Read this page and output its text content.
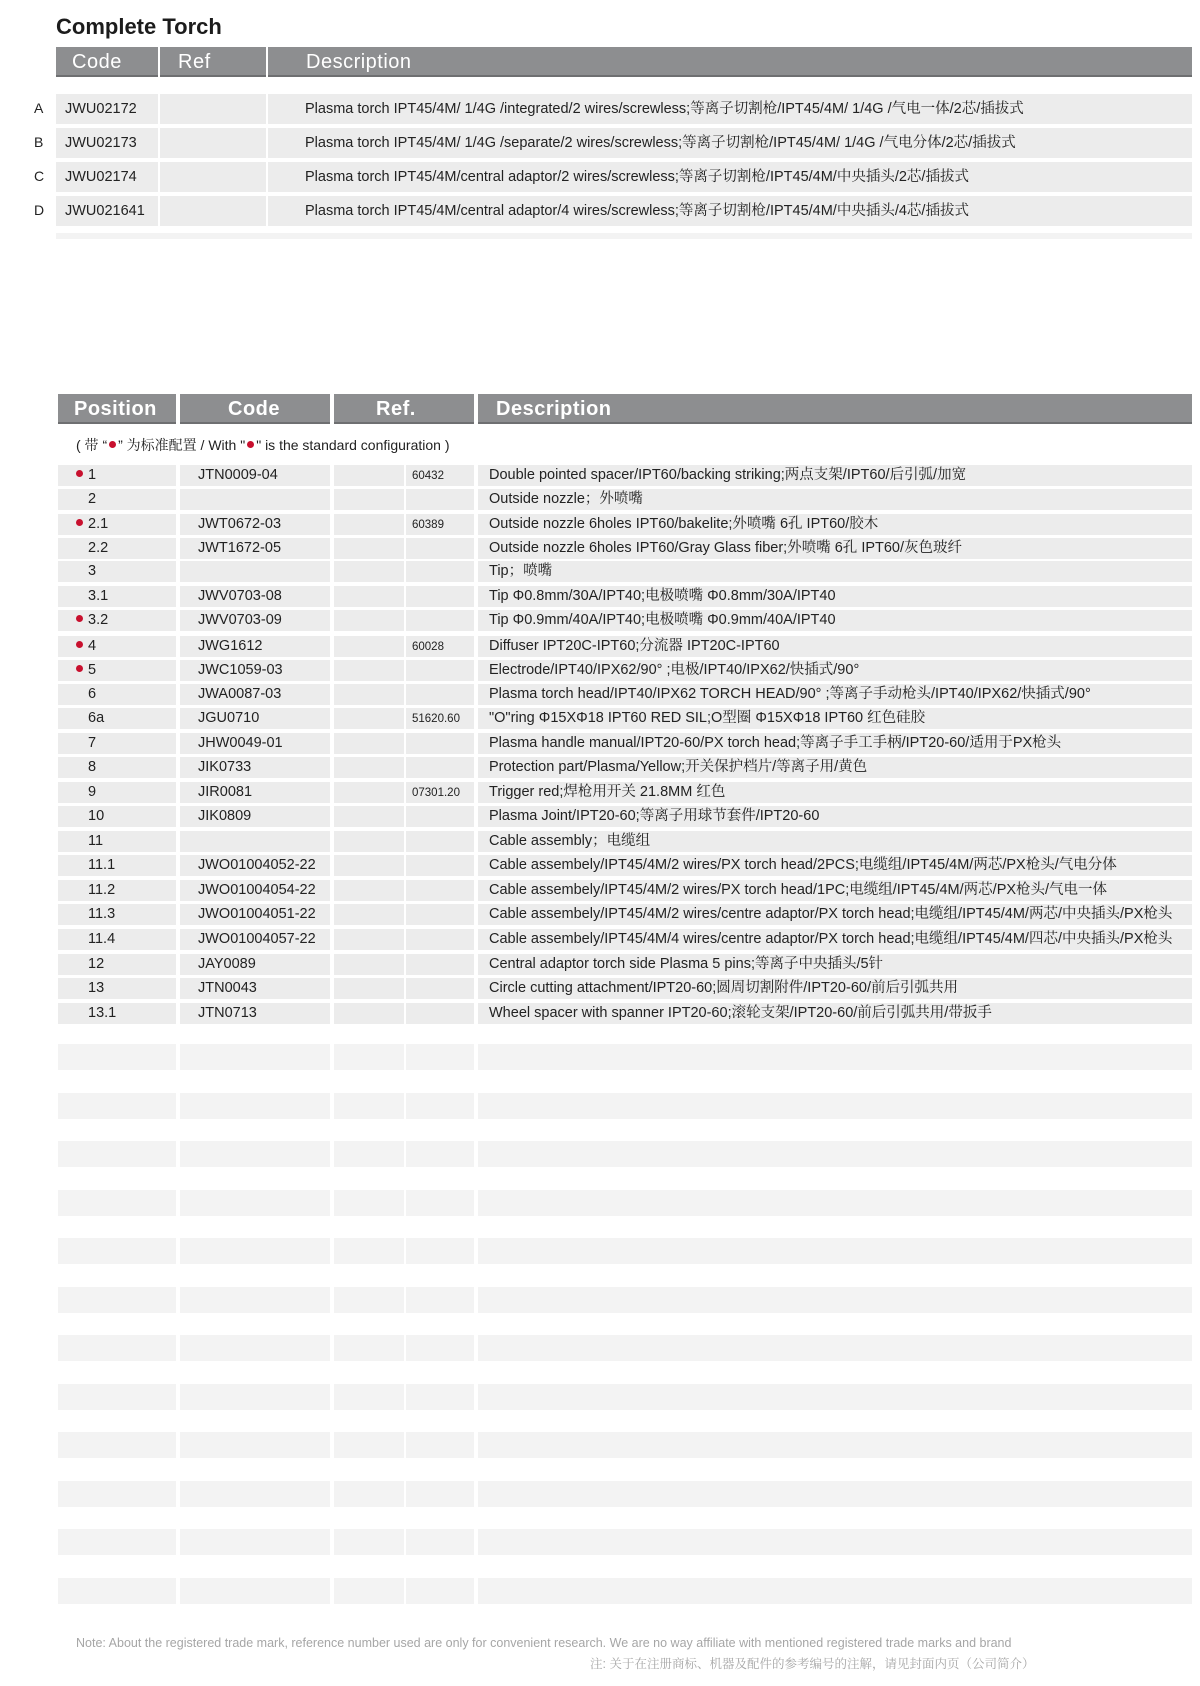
Complete Torch
Code	Ref	Description
A JWU02172	Plasma torch IPT45/4M/ 1/4G /integrated/2 wires/screwless;等离子切割枪/IPT45/4M/ 1/4G /气电一体/2芯/插拔式
B JWU02173	Plasma torch IPT45/4M/ 1/4G /separate/2 wires/screwless;等离子切割枪/IPT45/4M/ 1/4G /气电分体/2芯/插拔式
C JWU02174	Plasma torch IPT45/4M/central adaptor/2 wires/screwless;等离子切割枪/IPT45/4M/中央插头/2芯/插拔式
D JWU021641	Plasma torch IPT45/4M/central adaptor/4 wires/screwless;等离子切割枪/IPT45/4M/中央插头/4芯/插拔式
Position	Code	Ref.	Description
( 带 “ ” 为标准配置 / With " " is the standard configuration )
1	JTN0009-04	60432	Double pointed spacer/IPT60/backing striking;两点支架/IPT60/后引弧/加宽
2	Outside nozzle；外喷嘴
2.1	JWT0672-03	60389	Outside nozzle 6holes IPT60/bakelite;外喷嘴 6孔 IPT60/胶木
2.2	JWT1672-05	Outside nozzle 6holes IPT60/Gray Glass fiber;外喷嘴 6孔 IPT60/灰色玻纤
3	Tip；喷嘴
3.1	JWV0703-08	Tip Φ0.8mm/30A/IPT40;电极喷嘴 Φ0.8mm/30A/IPT40
3.2	JWV0703-09	Tip Φ0.9mm/40A/IPT40;电极喷嘴 Φ0.9mm/40A/IPT40
4	JWG1612	60028	Diffuser IPT20C-IPT60;分流器 IPT20C-IPT60
5	JWC1059-03	Electrode/IPT40/IPX62/90° ;电极/IPT40/IPX62/快插式/90°
6	JWA0087-03	Plasma torch head/IPT40/IPX62 TORCH HEAD/90° ;等离子手动枪头/IPT40/IPX62/快插式/90°
6a	JGU0710	51620.60 "O"ring Φ15XΦ18 IPT60 RED SIL;O型圈 Φ15XΦ18 IPT60 红色硅胶
7	JHW0049-01	Plasma handle manual/IPT20-60/PX torch head;等离子手工手柄/IPT20-60/适用于PX枪头
8	JIK0733	Protection part/Plasma/Yellow;开关保护档片/等离子用/黄色
9	JIR0081	07301.20 Trigger red;焊枪用开关 21.8MM 红色
10	JIK0809	Plasma Joint/IPT20-60;等离子用球节套件/IPT20-60
11	Cable assembly；电缆组
11.1	JWO01004052-22	Cable assembely/IPT45/4M/2 wires/PX torch head/2PCS;电缆组/IPT45/4M/两芯/PX枪头/气电分体
11.2	JWO01004054-22	Cable assembely/IPT45/4M/2 wires/PX torch head/1PC;电缆组/IPT45/4M/两芯/PX枪头/气电一体
11.3	JWO01004051-22	Cable assembely/IPT45/4M/2 wires/centre adaptor/PX torch head;电缆组/IPT45/4M/两芯/中央插头/PX枪头
11.4	JWO01004057-22	Cable assembely/IPT45/4M/4 wires/centre adaptor/PX torch head;电缆组/IPT45/4M/四芯/中央插头/PX枪头
12	JAY0089	Central adaptor torch side Plasma 5 pins;等离子中央插头/5针
13	JTN0043	Circle cutting attachment/IPT20-60;圆周切割附件/IPT20-60/前后引弧共用
13.1	JTN0713	Wheel spacer with spanner IPT20-60;滚轮支架/IPT20-60/前后引弧共用/带扳手
Note: About the registered trade mark, reference number used are only for convenient research. We are no way affiliate with mentioned registered trade marks and brand
注: 关于在注册商标、机器及配件的参考编号的注解，请见封面内页（公司简介）
